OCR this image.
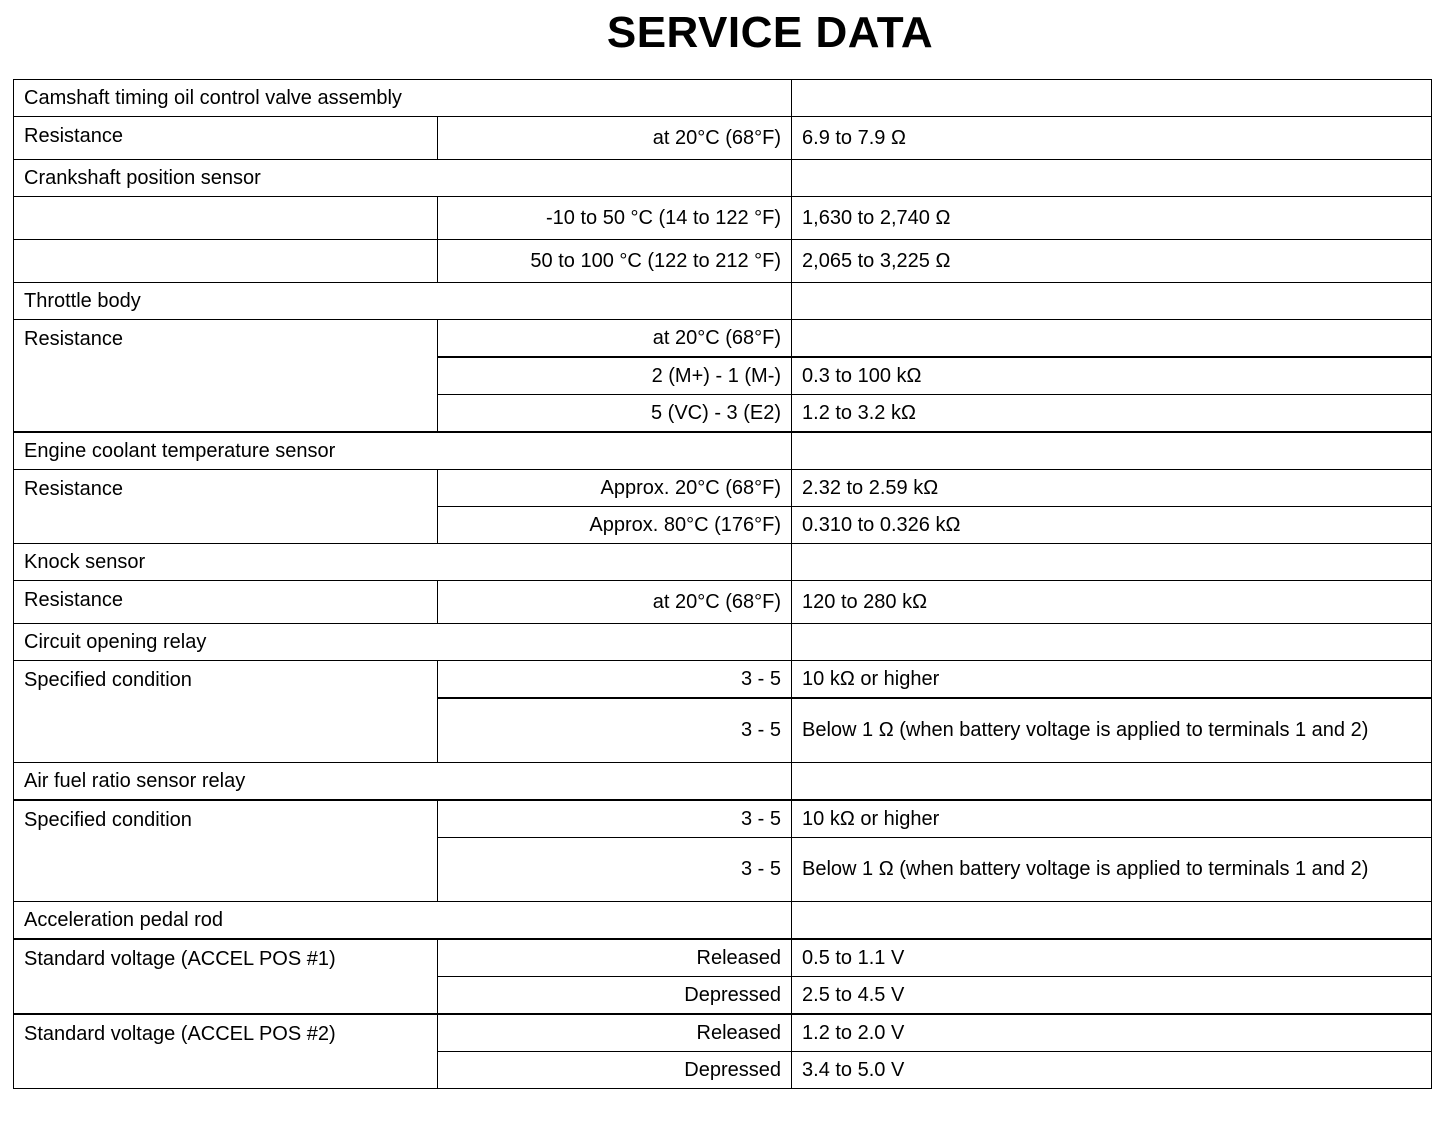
SERVICE DATA
Camshaft timing oil control valve assembly		
Resistance	at 20°C (68°F)	6.9 to 7.9 Ω
Crankshaft position sensor		
	-10 to 50 °C (14 to 122 °F)	1,630 to 2,740 Ω
	50 to 100 °C (122 to 212 °F)	2,065 to 3,225 Ω
Throttle body		
Resistance	at 20°C (68°F)	
	2 (M+) - 1 (M-)	0.3 to 100 kΩ
	5 (VC) - 3 (E2)	1.2 to 3.2 kΩ
Engine coolant temperature sensor		
Resistance	Approx. 20°C (68°F)	2.32 to 2.59 kΩ
	Approx. 80°C (176°F)	0.310 to 0.326 kΩ
Knock sensor		
Resistance	at 20°C (68°F)	120 to 280 kΩ
Circuit opening relay		
Specified condition	3 - 5	10 kΩ or higher
	3 - 5	Below 1 Ω (when battery voltage is applied to terminals 1 and 2)
Air fuel ratio sensor relay		
Specified condition	3 - 5	10 kΩ or higher
	3 - 5	Below 1 Ω (when battery voltage is applied to terminals 1 and 2)
Acceleration pedal rod		
Standard voltage (ACCEL POS #1)	Released	0.5 to 1.1 V
	Depressed	2.5 to 4.5 V
Standard voltage (ACCEL POS #2)	Released	1.2 to 2.0 V
	Depressed	3.4 to 5.0 V
